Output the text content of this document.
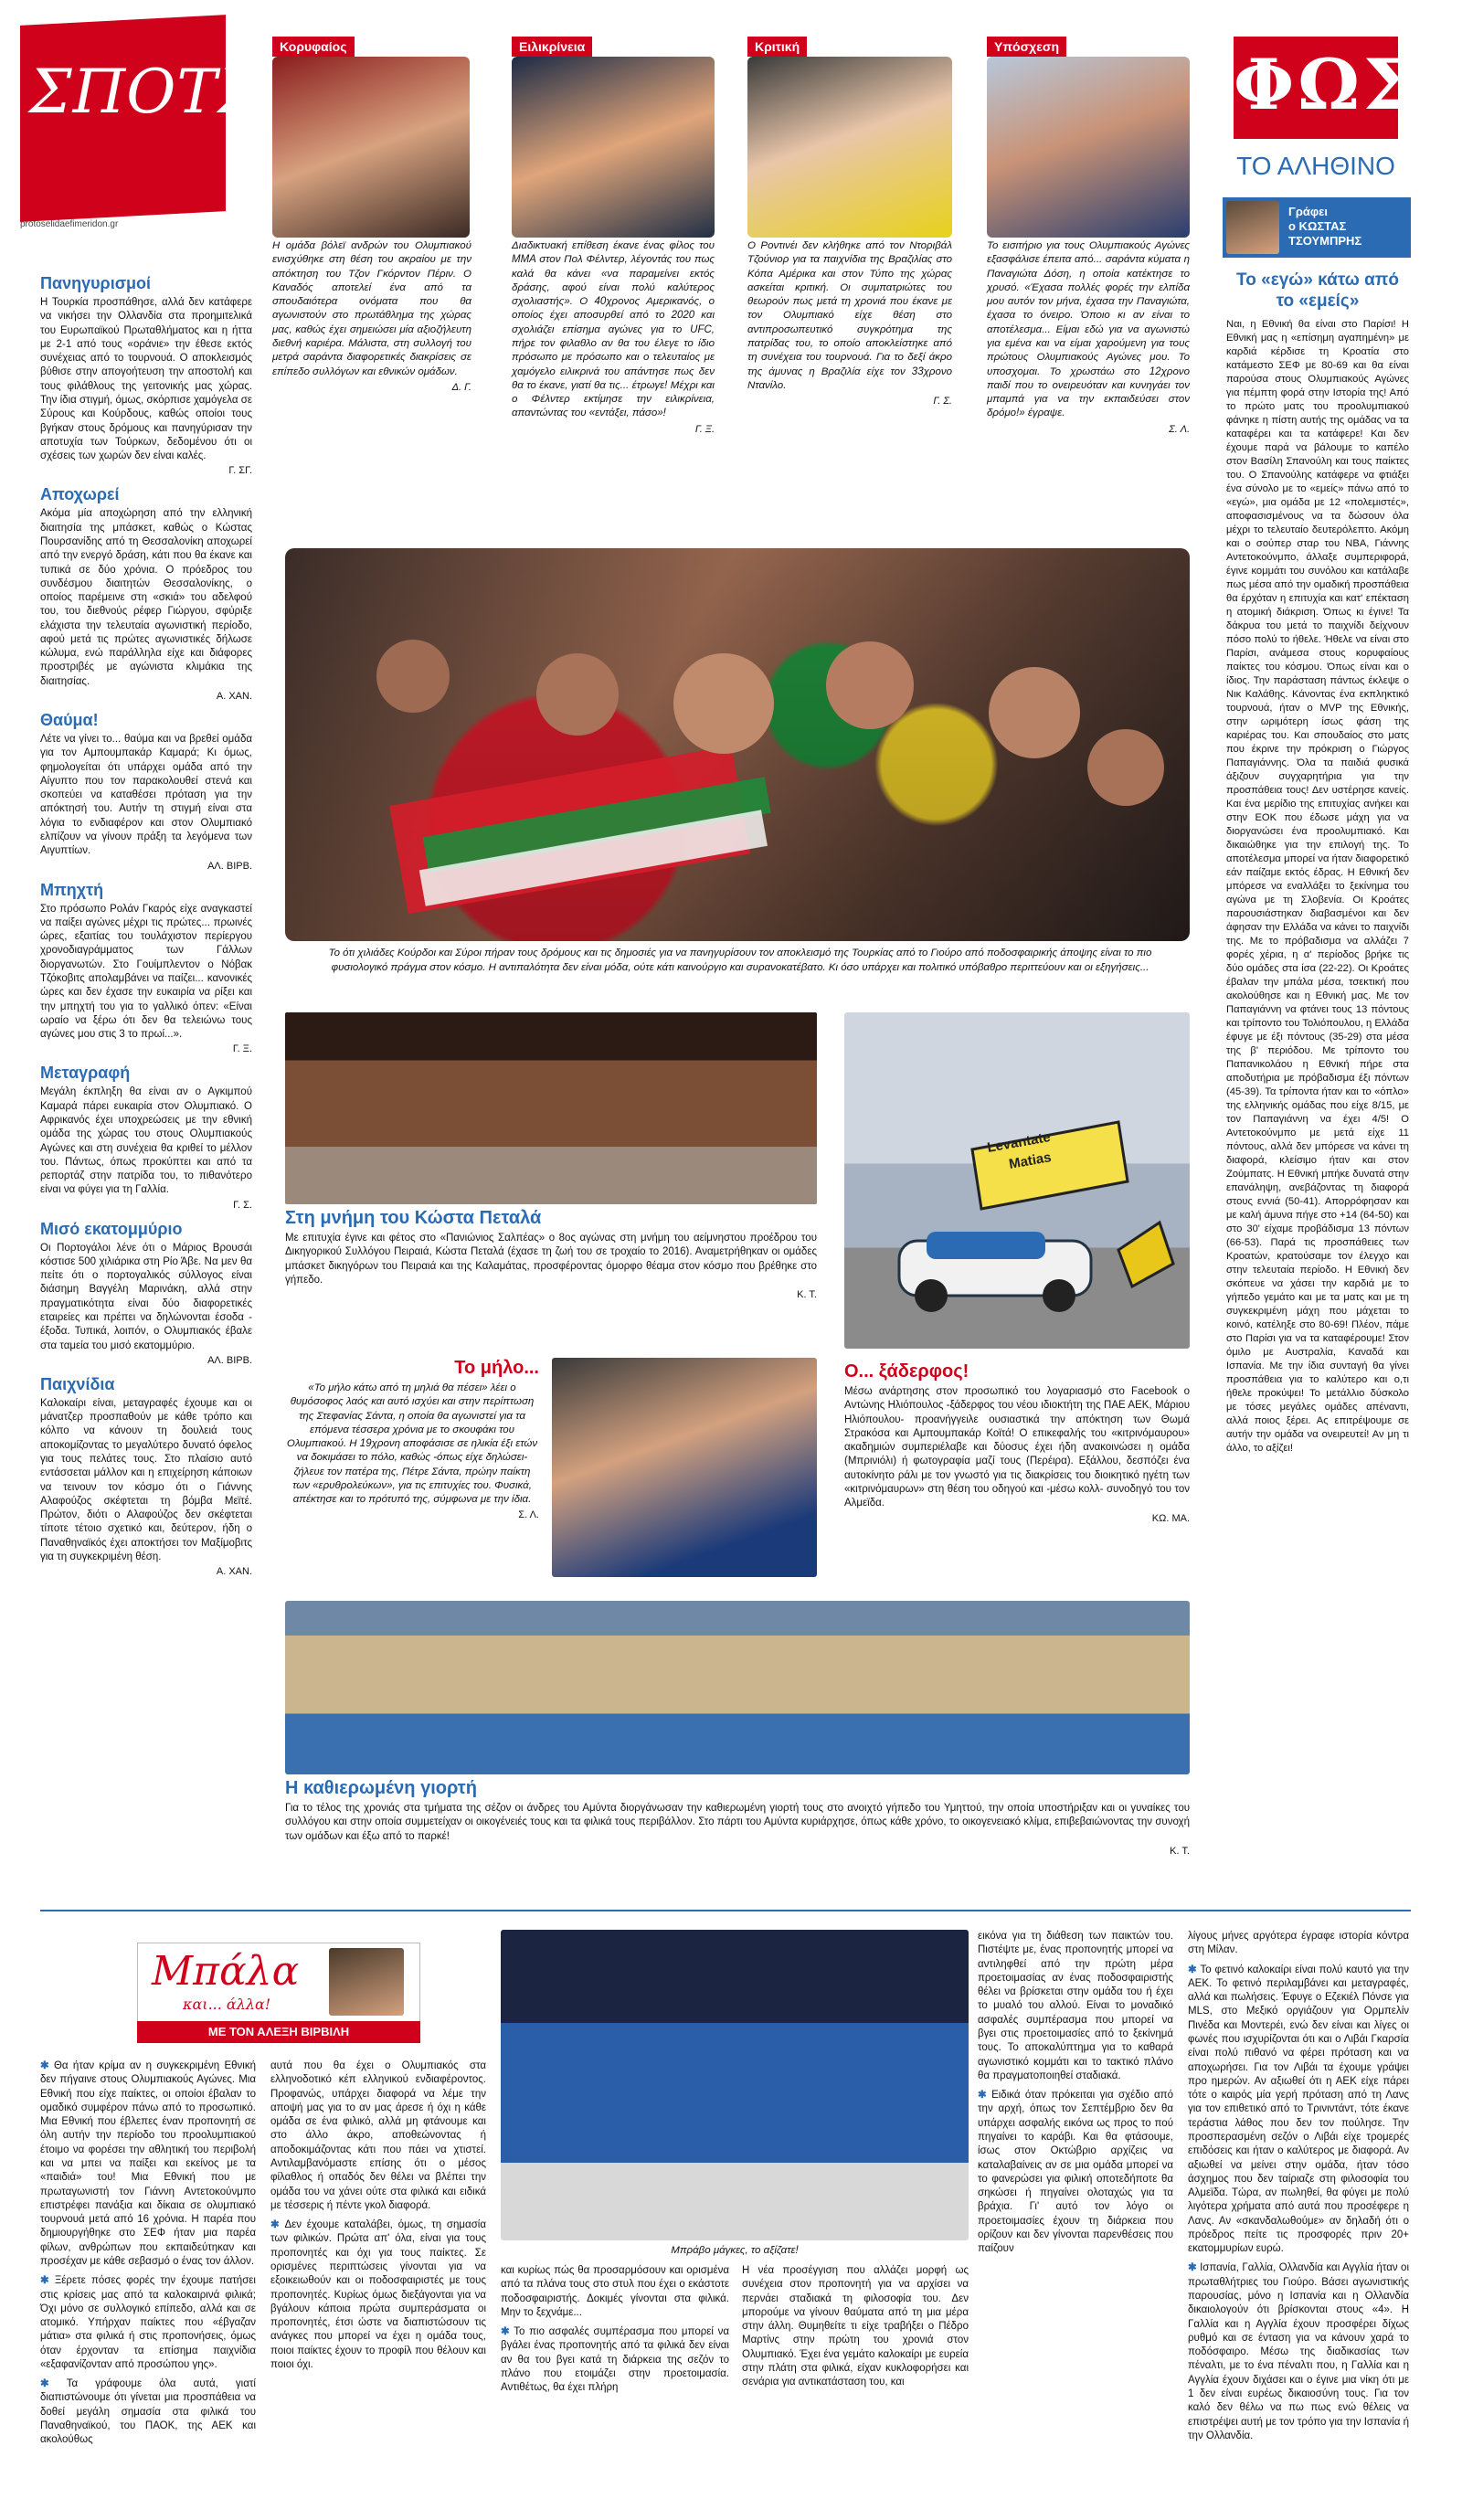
ΣΠΟΤΣ
protoselidaefimeridon.gr
Κορυφαίος	Ειλικρίνεια	Κριτική	Υπόσχεση	ΦΩΣ
ΤΟ ΑΛΗΘΙΝΟ
Γράφει
ο ΚΩΣΤΑΣ ΤΣΟΥΜΠΡΗΣ
Η ομάδα βόλεϊ ανδρών του Ολυμπιακού ενισχύθηκε στη θέση του ακραίου με την απόκτηση του Τζον Γκόρντον Πέριν. Ο Καναδός αποτελεί ένα από τα σπουδαιότερα ονόματα που θα αγωνιστούν στο πρωτάθλημα της χώρας μας, καθώς έχει σημειώσει μία αξιοζήλευτη διεθνή καριέρα. Μάλιστα, στη συλλογή του μετρά σαράντα διαφορετικές διακρίσεις σε επίπεδο συλλόγων και εθνικών ομάδων.
Δ. Γ.
Διαδικτυακή επίθεση έκανε ένας φίλος του MMA στον Πολ Φέλντερ, λέγοντάς του πως καλά θα κάνει «να παραμείνει εκτός δράσης, αφού είναι πολύ καλύτερος σχολιαστής». Ο 40χρονος Αμερικανός, ο οποίος έχει αποσυρθεί από το 2020 και σχολιάζει επίσημα αγώνες για το UFC, πήρε τον φιλαθλο αν θα του έλεγε το ίδιο πρόσωπο με πρόσωπο και ο τελευταίος με χαμόγελο ειλικρινά του απάντησε πως δεν θα το έκανε, γιατί θα τις... έτρωγε! Μέχρι και ο Φέλντερ εκτίμησε την ειλικρίνεια, απαντώντας του «εντάξει, πάσο»!
Γ. Ξ.
Ο Ροντινέι δεν κλήθηκε από τον Ντοριβάλ Τζούνιορ για τα παιχνίδια της Βραζιλίας στο Κόπα Αμέρικα και στον Τύπο της χώρας ασκείται κριτική. Οι συμπατριώτες του θεωρούν πως μετά τη χρονιά που έκανε με τον Ολυμπιακό είχε θέση στο αντιπροσωπευτικό συγκρότημα της πατρίδας του, το οποίο αποκλείστηκε από τη συνέχεια του τουρνουά. Για το δεξί άκρο της άμυνας η Βραζιλία είχε τον 33χρονο Ντανίλο.
Γ. Σ.
Το εισιτήριο για τους Ολυμπιακούς Αγώνες εξασφάλισε έπειτα από... σαράντα κύματα η Παναγιώτα Δόση, η οποία κατέκτησε το χρυσό. «Έχασα πολλές φορές την ελπίδα μου αυτόν τον μήνα, έχασα την Παναγιώτα, έχασα το όνειρο. Όποιο κι αν είναι το αποτέλεσμα... Είμαι εδώ για να αγωνιστώ για εμένα και να είμαι χαρούμενη για τους πρώτους Ολυμπιακούς Αγώνες μου. Το υποσχομαι. Το χρωστάω στο 12χρονο παιδί που το ονειρευόταν και κυνηγάει τον μπαμπά για να την εκπαιδεύσει στον δρόμο!» έγραψε.
Σ. Λ.
Πανηγυρισμοί
Η Τουρκία προσπάθησε, αλλά δεν κατάφερε να νικήσει την Ολλανδία στα προημιτελικά του Ευρωπαϊκού Πρωταθλήματος και η ήττα με 2-1 από τους «οράνιε» την έθεσε εκτός συνέχειας από το τουρνουά. Ο αποκλεισμός βύθισε στην απογοήτευση την αποστολή και τους φιλάθλους της γειτονικής μας χώρας. Την ίδια στιγμή, όμως, σκόρπισε χαμόγελα σε Σύρους και Κούρδους, καθώς οποίοι τους βγήκαν στους δρόμους και πανηγύρισαν την αποτυχία των Τούρκων, δεδομένου ότι οι σχέσεις των χωρών δεν είναι καλές.
Γ. ΣΓ.
Αποχωρεί
Ακόμα μία αποχώρηση από την ελληνική διαιτησία της μπάσκετ, καθώς ο Κώστας Πουρσανίδης από τη Θεσσαλονίκη αποχωρεί από την ενεργό δράση, κάτι που θα έκανε και τυπικά σε δύο χρόνια. Ο πρόεδρος του συνδέσμου διαιτητών Θεσσαλονίκης, ο οποίος παρέμεινε στη «σκιά» του αδελφού του, του διεθνούς ρέφερ Γιώργου, σφύριξε ελάχιστα την τελευταία αγωνιστική περίοδο, αφού μετά τις πρώτες αγωνιστικές δήλωσε κώλυμα, ενώ παράλληλα είχε και διάφορες προστριβές με αγώνιστα κλιμάκια της διαιτησίας.
Α. ΧΑΝ.
Θαύμα!
Λέτε να γίνει το... θαύμα και να βρεθεί ομάδα για τον Αμπουμπακάρ Καμαρά; Κι όμως, φημολογείται ότι υπάρχει ομάδα από την Αίγυπτο που τον παρακολουθεί στενά και σκοπεύει να καταθέσει πρόταση για την απόκτησή του. Αυτήν τη στιγμή είναι στα λόγια το ενδιαφέρον και στον Ολυμπιακό ελπίζουν να γίνουν πράξη τα λεγόμενα των Αιγυπτίων.
ΑΛ. ΒΙΡΒ.
Μπηχτή
Στο πρόσωπο Ρολάν Γκαρός είχε αναγκαστεί να παίξει αγώνες μέχρι τις πρώτες... πρωινές ώρες, εξαιτίας του τουλάχιστον περίεργου χρονοδιαγράμματος των Γάλλων διοργανωτών. Στο Γουίμπλεντον ο Νόβακ Τζόκοβιτς απολαμβάνει να παίζει... κανονικές ώρες και δεν έχασε την ευκαιρία να ρίξει και την μπηχτή του για το γαλλικό όπεν: «Είναι ωραίο να ξέρω ότι δεν θα τελειώνω τους αγώνες μου στις 3 το πρωί...».
Γ. Ξ.
Μεταγραφή
Μεγάλη έκπληξη θα είναι αν ο Αγκιμπού Καμαρά πάρει ευκαιρία στον Ολυμπιακό. Ο Αφρικανός έχει υποχρεώσεις με την εθνική ομάδα της χώρας του στους Ολυμπιακούς Αγώνες και στη συνέχεια θα κριθεί το μέλλον του. Πάντως, όπως προκύπτει και από τα ρεπορτάζ στην πατρίδα του, το πιθανότερο είναι να φύγει για τη Γαλλία.
Γ. Σ.
Μισό εκατομμύριο
Οι Πορτογάλοι λένε ότι ο Μάριος Βρουσάι κόστισε 500 χιλιάρικα στη Ρίο Άβε. Να μεν θα πείτε ότι ο πορτογαλικός σύλλογος είναι διάσημη Βαγγέλη Μαρινάκη, αλλά στην πραγματικότητα είναι δύο διαφορετικές εταιρείες και πρέπει να δηλώνονται έσοδα - έξοδα. Τυπικά, λοιπόν, ο Ολυμπιακός έβαλε στα ταμεία του μισό εκατομμύριο.
ΑΛ. ΒΙΡΒ.
Παιχνίδια
Καλοκαίρι είναι, μεταγραφές έχουμε και οι μάνατζερ προσπαθούν με κάθε τρόπο και κόλπο να κάνουν τη δουλειά τους αποκομίζοντας το μεγαλύτερο δυνατό όφελος για τους πελάτες τους. Στο πλαίσιο αυτό εντάσσεται μάλλον και η επιχείρηση κάποιων να τεινουν τον κόσμο ότι ο Γιάννης Αλαφούζος σκέφτεται τη βόμβα Μεϊτέ. Πρώτον, διότι ο Αλαφούζος δεν σκέφτεται τίποτε τέτοιο σχετικό και, δεύτερον, ήδη ο Παναθηναϊκός έχει αποκτήσει τον Μαξίμοβιτς για τη συγκεκριμένη θέση.
Α. ΧΑΝ.
Το «εγώ» κάτω από το «εμείς»
Ναι, η Εθνική θα είναι στο Παρίσι! Η Εθνική μας η «επίσημη αγαπημένη» με καρδιά κέρδισε τη Κροατία στο κατάμεστο ΣΕΦ με 80-69 και θα είναι παρούσα στους Ολυμπιακούς Αγώνες για πέμπτη φορά στην Ιστορία της! Από το πρώτο ματς του προολυμπιακού φάνηκε η πίστη αυτής της ομάδας να τα καταφέρει και τα κατάφερε! Και δεν έχουμε παρά να βάλουμε το καπέλο στον Βασίλη Σπανούλη και τους παίκτες του. Ο Σπανούλης κατάφερε να φτιάξει ένα σύνολο με το «εμείς» πάνω από το «εγώ», μια ομάδα με 12 «πολεμιστές», αποφασισμένους να τα δώσουν όλα μέχρι το τελευταίο δευτερόλεπτο. Ακόμη και ο σούπερ σταρ του NBA, Γιάννης Αντετοκούνμπο, άλλαξε συμπεριφορά, έγινε κομμάτι του συνόλου και κατάλαβε πως μέσα από την ομαδική προσπάθεια θα έρχόταν η επιτυχία και κατ' επέκταση η ατομική διάκριση. Όπως κι έγινε! Τα δάκρυα του μετά το παιχνίδι δείχνουν πόσο πολύ το ήθελε. Ήθελε να είναι στο Παρίσι, ανάμεσα στους κορυφαίους παίκτες του κόσμου. Όπως είναι και ο ίδιος. Την παράσταση πάντως έκλεψε ο Νικ Καλάθης. Κάνοντας ένα εκπληκτικό τουρνουά, ήταν ο MVP της Εθνικής, στην ωριμότερη ίσως φάση της καριέρας του. Και σπουδαίος στο ματς που έκρινε την πρόκριση ο Γιώργος Παπαγιάννης. Όλα τα παιδιά φυσικά άξιζουν συγχαρητήρια για την προσπάθεια τους! Δεν υστέρησε κανείς. Και ένα μερίδιο της επιτυχίας ανήκει και στην ΕΟΚ που έδωσε μάχη για να διοργανώσει ένα προολυμπιακό. Και δικαιώθηκε για την επιλογή της. Το αποτέλεσμα μπορεί να ήταν διαφορετικό εάν παίζαμε εκτός έδρας. Η Εθνική δεν μπόρεσε να εναλλάξει το ξεκίνημα του αγώνα με τη Σλοβενία. Οι Κροάτες παρουσιάστηκαν διαβασμένοι και δεν άφησαν την Ελλάδα να κάνει το παιχνίδι της. Με το πρόβαδισμα να αλλάζει 7 φορές χέρια, η α' περίοδος βρήκε τις δύο ομάδες στα ίσα (22-22). Οι Κροάτες έβαλαν την μπάλα μέσα, τσεκτική που ακολούθησε και η Εθνική μας. Με τον Παπαγιάννη να φτάνει τους 13 πόντους και τρίποντο του Τολιόπουλου, η Ελλάδα έφυγε με έξι πόντους (35-29) στα μέσα της β' περιόδου. Με τρίποντο του Παπανικολάου η Εθνική πήρε στα αποδυτήρια με πρόβαδισμα έξι πόντων (45-39). Τα τρίποντα ήταν και το «όπλο» της ελληνικής ομάδας που είχε 8/15, με τον Παπαγιάννη να έχει 4/5! Ο Αντετοκούνμπο με μετά είχε 11 πόντους, αλλά δεν μπόρεσε να κάνει τη διαφορά, κλείσιμο ήταν και στον Ζούμπατς. Η Εθνική μπήκε δυνατά στην επανάληψη, ανεβάζοντας τη διαφορά στους εννιά (50-41). Απορρόφησαν και με καλή άμυνα πήγε στο +14 (64-50) και στο 30' είχαμε προβάδισμα 13 πόντων (66-53). Παρά τις προσπάθειες των Κροατών, κρατούσαμε τον έλεγχο και στην τελευταία περίοδο. Η Εθνική δεν σκόπευε να χάσει την καρδιά με το γήπεδο γεμάτο και με τα ματς και με τη συγκεκριμένη μάχη που μάχεται το κοινό, κατέληξε στο 80-69! Πλέον, πάμε στο Παρίσι για να τα καταφέρουμε! Στον όμιλο με Αυστραλία, Καναδά και Ισπανία. Με την ίδια συνταγή θα γίνει προσπάθεια για το καλύτερο και ο,τι ήθελε προκύψει! Το μετάλλιο δύσκολο με τόσες μεγάλες ομάδες απέναντι, αλλά ποιος ξέρει. Ας επιτρέψουμε σε αυτήν την ομάδα να ονειρευτεί! Αν μη τι άλλο, το αξίζει!
Το ότι χιλιάδες Κούρδοι και Σύροι πήραν τους δρόμους και τις δημοσιές για να πανηγυρίσουν τον αποκλεισμό της Τουρκίας από το Γιούρο από ποδοσφαιρικής άποψης είναι το πιο φυσιολογικό πράγμα στον κόσμο. Η αντιπαλότητα δεν είναι μόδα, ούτε κάτι καινούργιο και συρανοκατέβατο. Κι όσο υπάρχει και πολιτικό υπόβαθρο περιττεύουν και οι εξηγήσεις...
Στη μνήμη του Κώστα Πεταλά
Με επιτυχία έγινε και φέτος στο «Πανιώνιος Σαλπέας» ο 8ος αγώνας στη μνήμη του αείμνηστου προέδρου του Δικηγορικού Συλλόγου Πειραιά, Κώστα Πεταλά (έχασε τη ζωή του σε τροχαίο το 2016). Αναμετρήθηκαν οι ομάδες μπάσκετ δικηγόρων του Πειραιά και της Καλαμάτας, προσφέροντας όμορφο θέαμα στον κόσμο που βρέθηκε στο γήπεδο.
Κ. Τ.
Levantate
Matias
Το μήλο...
«Το μήλο κάτω από τη μηλιά θα πέσει» λέει ο θυμόσοφος λαός και αυτό ισχύει και στην περίπτωση της Στεφανίας Σάντα, η οποία θα αγωνιστεί για τα επόμενα τέσσερα χρόνια με το σκουφάκι του Ολυμπιακού. Η 19χρονη αποφάσισε σε ηλικία έξι ετών να δοκιμάσει το πόλο, καθώς -όπως είχε δηλώσει- ζήλευε τον πατέρα της, Πέτρε Σάντα, πρώην παίκτη των «ερυθρολεύκων», για τις επιτυχίες του. Φυσικά, απέκτησε και το πρότυπό της, σύμφωνα με την ίδια.
Σ. Λ.
Ο... ξάδερφος!
Μέσω ανάρτησης στον προσωπικό του λογαριασμό στο Facebook ο Αντώνης Ηλιόπουλος -ξάδερφος του νέου ιδιοκτήτη της ΠΑΕ ΑΕΚ, Μάριου Ηλιόπουλου- προανήγγειλε ουσιαστικά την απόκτηση των Θωμά Στρακόσα και Αμπουμπακάρ Κοϊτά! Ο επικεφαλής του «κιτρινόμαυρου» ακαδημιών συμπεριέλαβε και δύοσυς έχει ήδη ανακοινώσει η ομάδα (Μπρινιόλι) ή φωτογραφία μαζί τους (Περέιρα). Εξάλλου, δεσπόζει ένα αυτοκίνητο ράλι με τον γνωστό για τις διακρίσεις του διοικητικό ηγέτη των «κιτρινόμαυρων» στη θέση του οδηγού και -μέσω κολλ- συνοδηγό του τον Αλμεϊδα.
ΚΩ. ΜΑ.
Η καθιερωμένη γιορτή
Για το τέλος της χρονιάς στα τμήματα της σέζον οι άνδρες του Αμύντα διοργάνωσαν την καθιερωμένη γιορτή τους στο ανοιχτό γήπεδο του Υμηττού, την οποία υποστήριξαν και οι γυναίκες του συλλόγου και στην οποία συμμετείχαν οι οικογένειές τους και τα φιλικά τους περιβάλλον. Στο πάρτι του Αμύντα κυριάρχησε, όπως κάθε χρόνο, το οικογενειακό κλίμα, επιβεβαιώνοντας την συνοχή των ομάδων και έξω από το παρκέ!
Κ. Τ.
Μπάλα
και... άλλα!
ΜΕ ΤΟΝ ΑΛΕΞΗ ΒΙΡΒΙΛΗ
Μπράβο μάγκες, το αξίζατε!

✱ Θα ήταν κρίμα αν η συγκεκριμένη Εθνική δεν πήγαινε στους Ολυμπιακούς Αγώνες. Μια Εθνική που είχε παίκτες, οι οποίοι έβαλαν το ομαδικό συμφέρον πάνω από το προσωπικό. Μια Εθνική που έβλεπες έναν προπονητή σε όλη αυτήν την περίοδο του προολυμπιακού έτοιμο να φορέσει την αθλητική του περιβολή και να μπει να παίξει και εκείνος με τα «παιδιά» του! Μια Εθνική που με πρωταγωνιστή τον Γιάννη Αντετοκούνμπο επιστρέφει πανάξια και δίκαια σε ολυμπιακό τουρνουά μετά από 16 χρόνια. Η παρέα που δημιουργήθηκε στο ΣΕΦ ήταν μια παρέα φίλων, ανθρώπων που εκπαιδεύτηκαν και προσέχαν με κάθε σεβασμό ο ένας τον άλλον.

✱ Ξέρετε πόσες φορές την έχουμε πατήσει στις κρίσεις μας από τα καλοκαιρινά φιλικά; Όχι μόνο σε συλλογικό επίπεδο, αλλά και σε ατομικό. Υπήρχαν παίκτες που «έβγαζαν μάτια» στα φιλικά ή στις προπονήσεις, όμως όταν έρχονταν τα επίσημα παιχνίδια «εξαφανίζονταν από προσώπου γης».

✱ Τα γράφουμε όλα αυτά, γιατί διαπιστώνουμε ότι γίνεται μια προσπάθεια να δοθεί μεγάλη σημασία στα φιλικά του Παναθηναϊκού, του ΠΑΟΚ, της ΑΕΚ και ακολούθως

αυτά που θα έχει ο Ολυμπιακός στα ελληνοδοτικό κέπ ελληνικού ενδιαφέροντος. Προφανώς, υπάρχει διαφορά να λέμε την αποψή μας για το αν μας άρεσε ή όχι η κάθε ομάδα σε ένα φιλικό, αλλά μη φτάνουμε και στο άλλο άκρο, αποθεώνοντας ή αποδοκιμάζοντας κάτι που πάει να χτιστεί. Αντιλαμβανόμαστε επίσης ότι ο μέσος φίλαθλος ή οπαδός δεν θέλει να βλέπει την ομάδα του να χάνει ούτε στα φιλικά και ειδικά με τέσσερις ή πέντε γκολ διαφορά.

✱ Δεν έχουμε καταλάβει, όμως, τη σημασία των φιλικών. Πρώτα απ' όλα, είναι για τους προπονητές και όχι για τους παίκτες. Σε ορισμένες περιπτώσεις γίνονται για να εξοικειωθούν και οι ποδοσφαιριστές με τους προπονητές. Κυρίως όμως διεξάγονται για να βγάλουν κάποια πρώτα συμπεράσματα οι προπονητές, έτσι ώστε να διαπιστώσουν τις ανάγκες που μπορεί να έχει η ομάδα τους, ποιοι παίκτες έχουν το προφίλ που θέλουν και ποιοι όχι.

και κυρίως πώς θα προσαρμόσουν και ορισμένα από τα πλάνα τους στο στυλ που έχει ο εκάστοτε ποδοσφαιριστής. Δοκιμές γίνονται στα φιλικά. Μην το ξεχνάμε...

✱ Το πιο ασφαλές συμπέρασμα που μπορεί να βγάλει ένας προπονητής από τα φιλικά δεν είναι αν θα του βγει κατά τη διάρκεια της σεζόν το πλάνο που ετοιμάζει στην προετοιμασία. Αντιθέτως, θα έχει πλήρη

εικόνα για τη διάθεση των παικτών του. Πιστέψτε με, ένας προπονητής μπορεί να αντιληφθεί από την πρώτη μέρα προετοιμασίας αν ένας ποδοσφαιριστής θέλει να βρίσκεται στην ομάδα του ή έχει το μυαλό του αλλού. Είναι το μοναδικό ασφαλές συμπέρασμα που μπορεί να βγει στις προετοιμασίες από το ξεκίνημά τους. Το αποκαλύπτημα για το καθαρά αγωνιστικό κομμάτι και το τακτικό πλάνο θα πραγματοποιηθεί σταδιακά.

✱ Ειδικά όταν πρόκειται για σχέδιο από την αρχή, όπως τον Σεπτέμβριο δεν θα υπάρχει ασφαλής εικόνα ως προς το πού πηγαίνει το καράβι. Και θα φτάσουμε, ίσως στον Οκτώβριο αρχίζεις να καταλαβαίνεις αν σε μια ομάδα μπορεί να το φανερώσει για φιλική οποτεδήποτε θα σηκώσει ή πηγαίνει ολοταχώς για τα βράχια. Γι' αυτό τον λόγο οι προετοιμασίες έχουν τη διάρκεια που ορίζουν και δεν γίνονται παρενθέσεις που παίζουν

Η νέα προσέγγιση που αλλάζει μορφή ως συνέχεια στον προπονητή για να αρχίσει να περνάει σταδιακά τη φιλοσοφία του. Δεν μπορούμε να γίνουν θαύματα από τη μια μέρα στην άλλη. Θυμηθείτε τι είχε τραβήξει ο Πέδρο Μαρτίνς στην πρώτη του χρονιά στον Ολυμπιακό. Έχει ένα γεμάτο καλοκαίρι με ευρεία στην πλάτη στα φιλικά, είχαν κυκλοφορήσει και σενάρια για αντικατάσταση του, και

λίγους μήνες αργότερα έγραφε ιστορία κόντρα στη Μίλαν.

✱ Το φετινό καλοκαίρι είναι πολύ καυτό για την ΑΕΚ. Το φετινό περιλαμβάνει και μεταγραφές, αλλά και πωλήσεις. Έφυγε ο Εζεκιέλ Πόνσε για MLS, στο Μεξικό οργιάζουν για Ορμπελίν Πινέδα και Μοντερέι, ενώ δεν είναι και λίγες οι φωνές που ισχυρίζονται ότι και ο Λιβάι Γκαρσία είναι πολύ πιθανό να φέρει πρόταση και να αποχωρήσει. Για τον Λιβάι τα έχουμε γράψει προ ημερών. Αν αξιωθεί ότι η ΑΕΚ είχε πάρει τότε ο καιρός μία γερή πρόταση από τη Λανς για τον επιθετικό από το Τρινιντάντ, τότε έκανε τεράστια λάθος που δεν τον πούλησε. Την προσπερασμένη σεζόν ο Λιβάι είχε τρομερές επιδόσεις και ήταν ο καλύτερος με διαφορά. Αν αξιωθεί να μείνει στην ομάδα, ήταν τόσο άσχημος που δεν ταίριαζε στη φιλοσοφία του Αλμεϊδα. Τώρα, αν πωληθεί, θα φύγει με πολύ λιγότερα χρήματα από αυτά που προσέφερε η Λανς. Αν «σκανδαλωθούμε» αν δηλαδή ότι ο πρόεδρος πείτε τις προσφορές πριν 20+ εκατομμυρίων ευρώ.

✱ Ισπανία, Γαλλία, Ολλανδία και Αγγλία ήταν οι πρωταθλήτριες του Γιούρο. Βάσει αγωνιστικής παρουσίας, μόνο η Ισπανία και η Ολλανδία δικαιολογούν ότι βρίσκονται στους «4». Η Γαλλία και η Αγγλία έχουν προσφέρει δίχως ρυθμό και σε ένταση για να κάνουν χαρά το ποδόσφαιρο. Μέσω της διαδικασίας των πέναλτι, με το ένα πέναλτι που, η Γαλλία και η Αγγλία έχουν διχάσει και ο έγινε μια νίκη ότι με 1 δεν είναι ευρέως δικαιοσύνη τους. Για τον καλό δεν θέλω να πω πως ενώ θέλεις να επιστρέψει αυτή με τον τρόπο για την Ισπανία ή την Ολλανδία.
